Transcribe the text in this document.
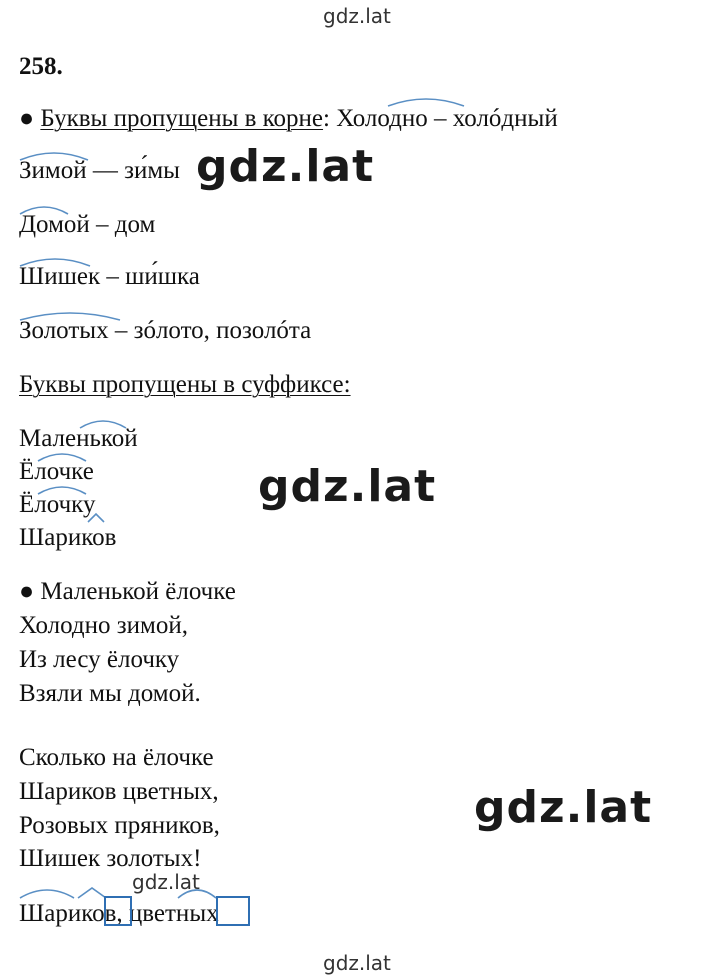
gdz.lat
258.
● Буквы пропущены в корне: Холодно – холóдный
Зимой — зи́мы
Домой – дом
Шишек – ши́шка
Золотых – зóлото, позолóта
Буквы пропущены в суффиксе:
Маленькой
Ёлочке
Ёлочку
Шариков
● Маленькой ёлочке
Холодно зимой,
Из лесу ёлочку
Взяли мы домой.
Сколько на ёлочке
Шариков цветных,
Розовых пряников,
Шишек золотых!
Шариков, цветных
gdz.lat
gdz.lat
gdz.lat
gdz.lat
gdz.lat
